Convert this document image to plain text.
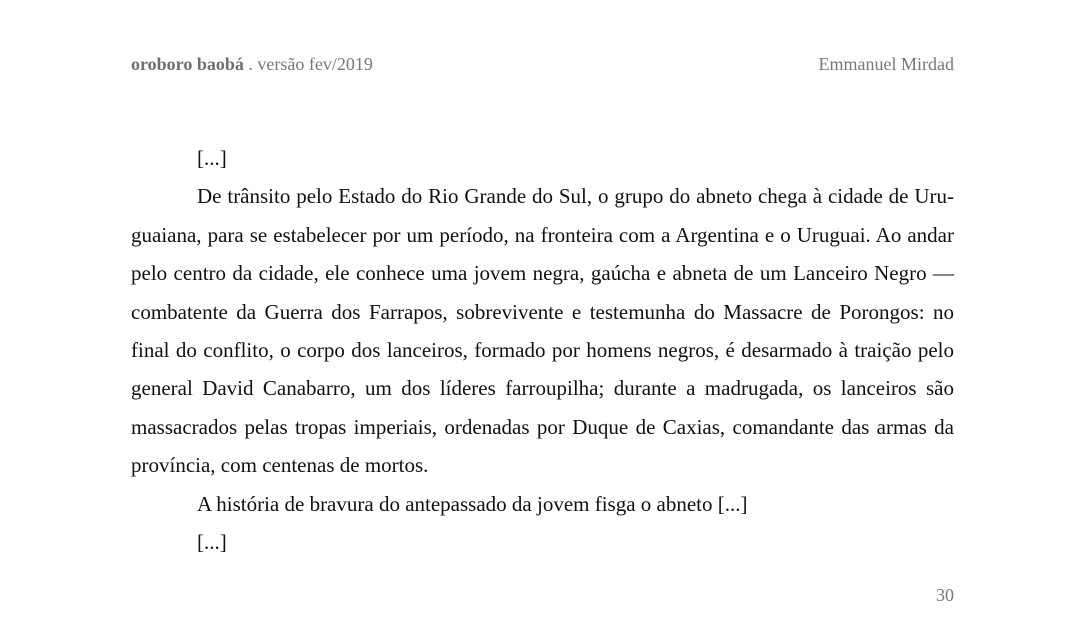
oroboro baobá . versão fev/2019	Emmanuel Mirdad

[...]

De trânsito pelo Estado do Rio Grande do Sul, o grupo do abneto chega à cidade de Uruguaiana, para se estabelecer por um período, na fronteira com a Argentina e o Uruguai. Ao andar pelo centro da cidade, ele conhece uma jovem negra, gaúcha e abneta de um Lanceiro Negro — combatente da Guerra dos Farrapos, sobrevivente e testemunha do Massacre de Porongos: no final do conflito, o corpo dos lanceiros, formado por homens negros, é desarmado à traição pelo general David Canabarro, um dos líderes farroupilha; durante a madrugada, os lanceiros são massacrados pelas tropas imperiais, ordenadas por Duque de Caxias, comandante das armas da província, com centenas de mortos.

A história de bravura do antepassado da jovem fisga o abneto [...]

[...]

30
